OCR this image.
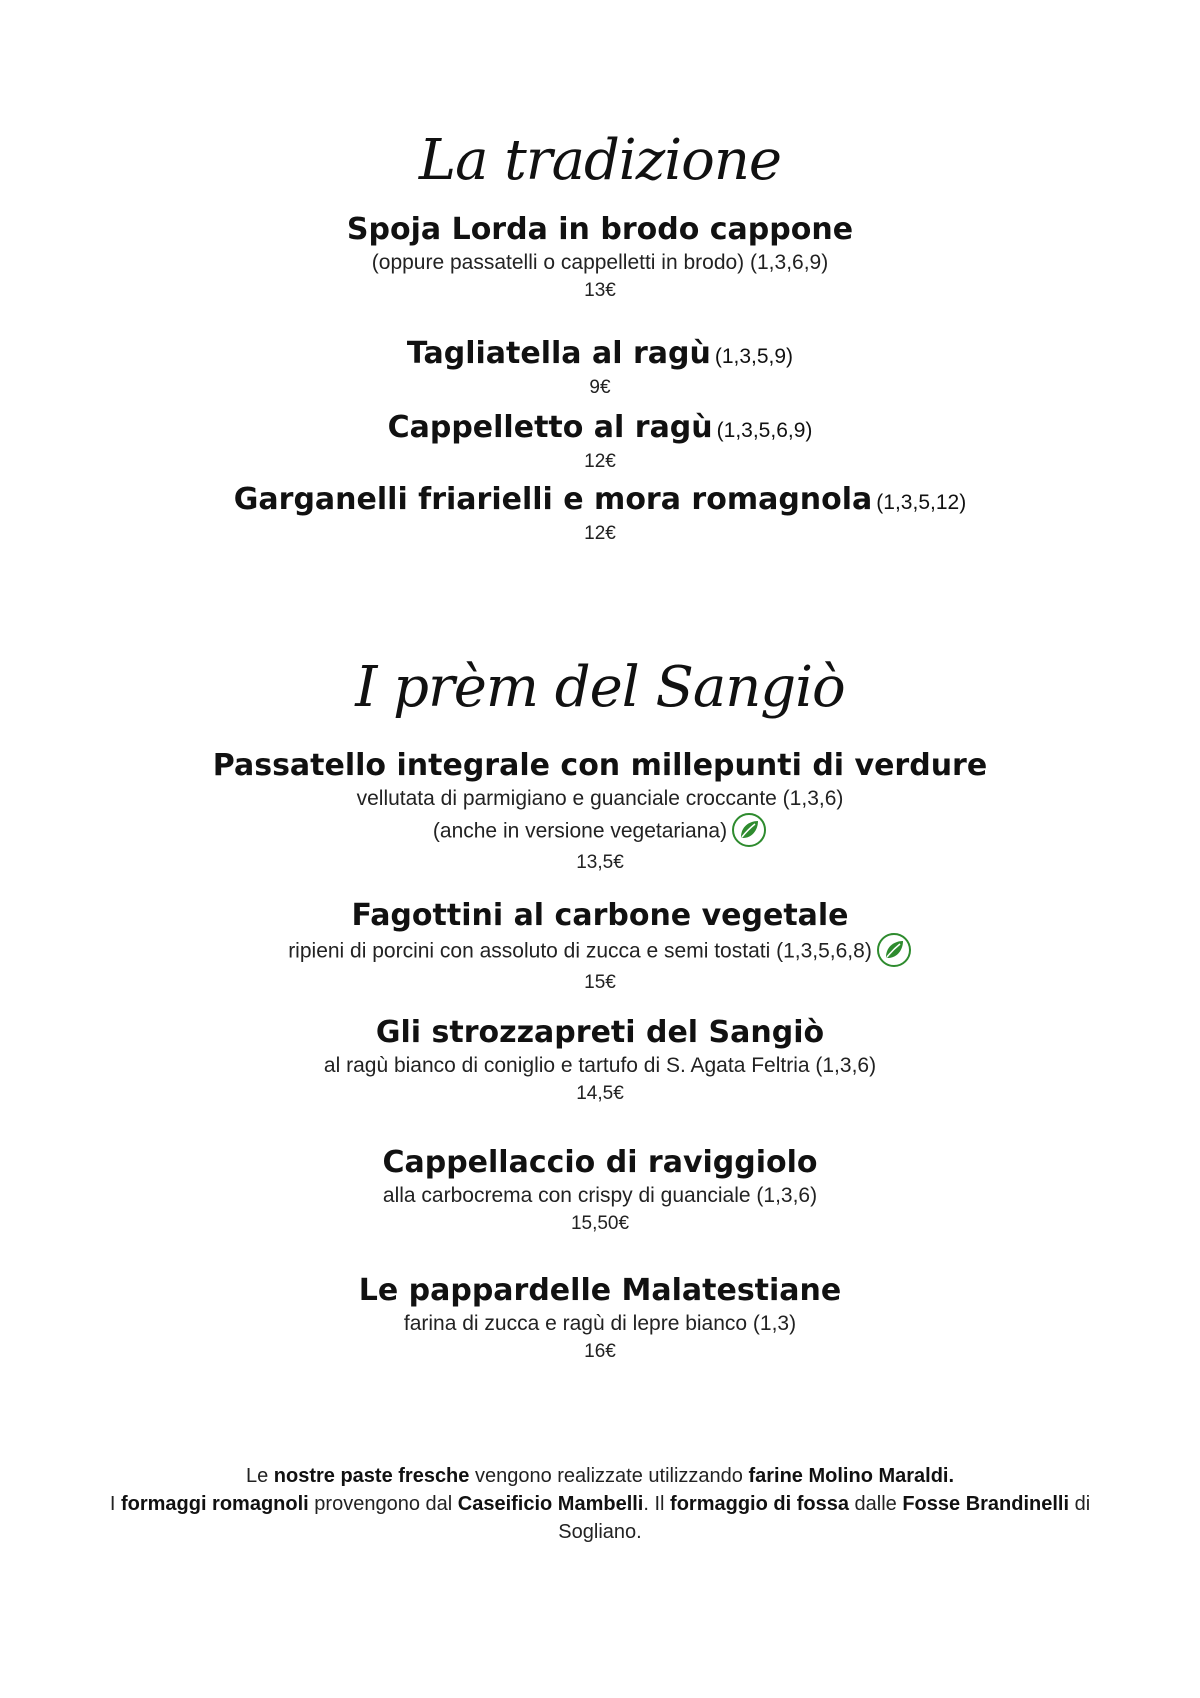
La tradizione
Spoja Lorda in brodo cappone
(oppure passatelli o cappelletti in brodo) (1,3,6,9)
13€
Tagliatella al ragù (1,3,5,9)
9€
Cappelletto al ragù (1,3,5,6,9)
12€
Garganelli friarielli e mora romagnola (1,3,5,12)
12€
I prèm del Sangiò
Passatello integrale con millepunti di verdure
vellutata di parmigiano e guanciale croccante (1,3,6)
(anche in versione vegetariana)
13,5€
Fagottini al carbone vegetale
ripieni di porcini con assoluto di zucca e semi tostati (1,3,5,6,8)
15€
Gli strozzapreti del Sangiò
al ragù bianco di coniglio e tartufo di S. Agata Feltria (1,3,6)
14,5€
Cappellaccio di raviggiolo
alla carbocrema con crispy di guanciale (1,3,6)
15,50€
Le pappardelle Malatestiane
farina di zucca e ragù di lepre bianco (1,3)
16€
Le nostre paste fresche vengono realizzate utilizzando farine Molino Maraldi.
I formaggi romagnoli provengono dal Caseificio Mambelli. Il formaggio di fossa dalle Fosse Brandinelli di Sogliano.
